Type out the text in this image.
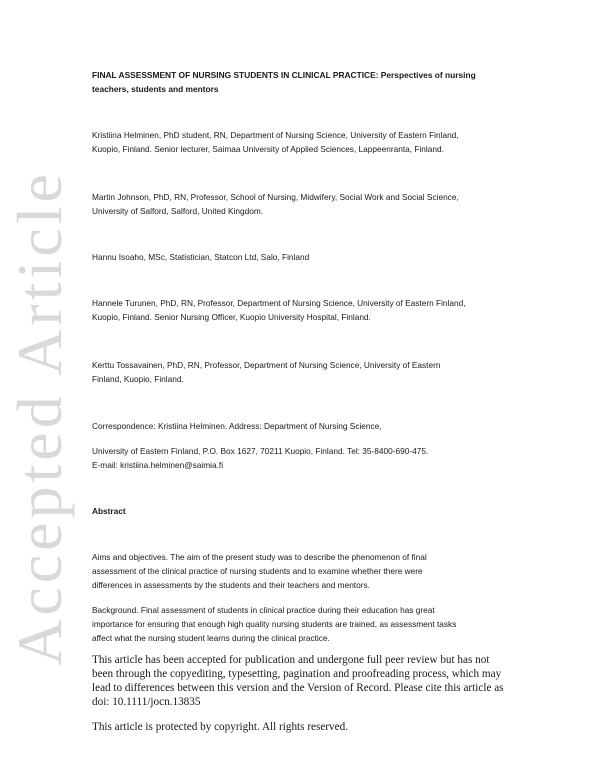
Accepted Article
FINAL ASSESSMENT OF NURSING STUDENTS IN CLINICAL PRACTICE: Perspectives of nursing
teachers, students and mentors
Kristiina Helminen, PhD student, RN, Department of Nursing Science, University of Eastern Finland,
Kuopio, Finland. Senior lecturer, Saimaa University of Applied Sciences, Lappeenranta, Finland.
Martin Johnson, PhD, RN, Professor, School of Nursing, Midwifery, Social Work and Social Science,
University of Salford, Salford, United Kingdom.
Hannu Isoaho, MSc, Statistician, Statcon Ltd, Salo, Finland
Hannele Turunen, PhD, RN, Professor, Department of Nursing Science, University of Eastern Finland,
Kuopio, Finland. Senior Nursing Officer, Kuopio University Hospital, Finland.
Kerttu Tossavainen, PhD, RN, Professor, Department of Nursing Science, University of Eastern
Finland, Kuopio, Finland.
Correspondence: Kristiina Helminen. Address: Department of Nursing Science,
University of Eastern Finland, P.O. Box 1627, 70211 Kuopio, Finland. Tel: 35-8400-690-475.
E-mail: kristiina.helminen@saimia.fi
Abstract
Aims and objectives. The aim of the present study was to describe the phenomenon of final
assessment of the clinical practice of nursing students and to examine whether there were
differences in assessments by the students and their teachers and mentors.
Background. Final assessment of students in clinical practice during their education has great
importance for ensuring that enough high quality nursing students are trained, as assessment tasks
affect what the nursing student learns during the clinical practice.
This article has been accepted for publication and undergone full peer review but has not
been through the copyediting, typesetting, pagination and proofreading process, which may
lead to differences between this version and the Version of Record. Please cite this article as
doi: 10.1111/jocn.13835
This article is protected by copyright. All rights reserved.
